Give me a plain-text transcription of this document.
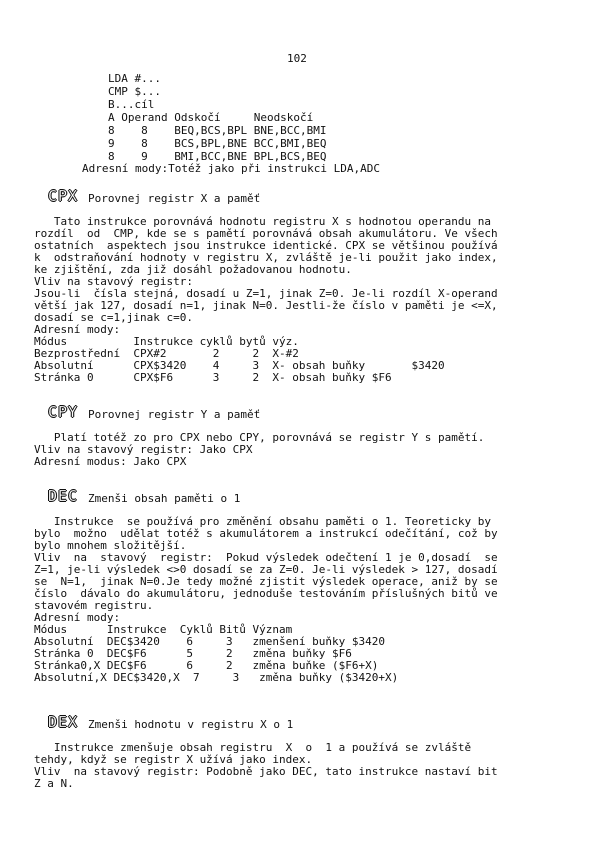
102
LDA #...
CMP $...
B...cíl
A Operand Odskočí     Neodskočí
8    8    BEQ,BCS,BPL BNE,BCC,BMI
9    8    BCS,BPL,BNE BCC,BMI,BEQ
8    9    BMI,BCC,BNE BPL,BCS,BEQ
Adresní mody:Totéž jako při instrukci LDA,ADC
CPX Porovnej registr X a paměť
Tato instrukce porovnává hodnotu registru X s hodnotou operandu na
rozdíl  od  CMP, kde se s pamětí porovnává obsah akumulátoru. Ve všech
ostatních  aspektech jsou instrukce identické. CPX se většinou používá
k  odstraňování hodnoty v registru X, zvláště je-li použit jako index,
ke zjištění, zda již dosáhl požadovanou hodnotu.
Vliv na stavový registr:
Jsou-li  čísla stejná, dosadí u Z=1, jinak Z=0. Je-li rozdíl X-operand
větší jak 127, dosadí n=1, jinak N=0. Jestli-že číslo v paměti je <=X,
dosadí se c=1,jinak c=0.
Adresní mody:
Módus          Instrukce cyklů bytů výz.
Bezprostřední  CPX#2       2     2  X-#2
Absolutní      CPX$3420    4     3  X- obsah buňky       $3420
Stránka 0      CPX$F6      3     2  X- obsah buňky $F6
CPY Porovnej registr Y a paměť
Platí totéž zo pro CPX nebo CPY, porovnává se registr Y s pamětí.
Vliv na stavový registr: Jako CPX
Adresní modus: Jako CPX
DEC Zmenši obsah paměti o 1
Instrukce  se používá pro změnění obsahu paměti o 1. Teoreticky by
bylo  možno  udělat totéž s akumulátorem a instrukcí odečítání, což by
bylo mnohem složitější.
Vliv  na  stavový  registr:  Pokud výsledek odečtení 1 je 0,dosadí  se
Z=1, je-li výsledek <>0 dosadí se za Z=0. Je-li výsledek > 127, dosadí
se  N=1,  jinak N=0.Je tedy možné zjistit výsledek operace, aniž by se
číslo  dávalo do akumulátoru, jednoduše testováním příslušných bitů ve
stavovém registru.
Adresní mody:
Módus      Instrukce  Cyklů Bitů Význam
Absolutní  DEC$3420    6     3   zmenšení buňky $3420
Stránka 0  DEC$F6      5     2   změna buňky $F6
Stránka0,X DEC$F6      6     2   změna buňke ($F6+X)
Absolutní,X DEC$3420,X  7     3   změna buňky ($3420+X)
DEX Zmenši hodnotu v registru X o 1
Instrukce zmenšuje obsah registru  X  o  1 a používá se zvláště
tehdy, když se registr X užívá jako index.
Vliv  na stavový registr: Podobně jako DEC, tato instrukce nastaví bit
Z a N.
